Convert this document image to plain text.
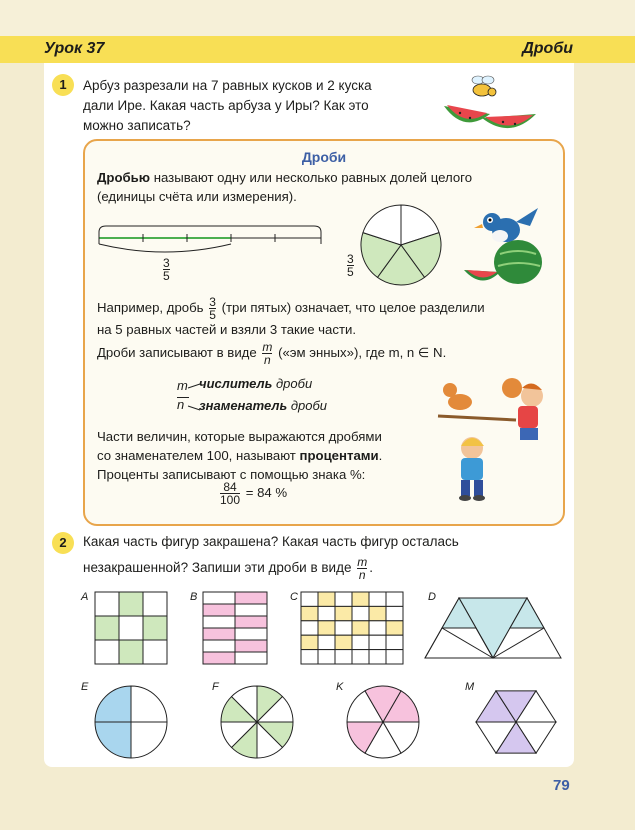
Урок 37	Дроби
1	Арбуз разрезали на 7 равных кусков и 2 куска
дали Ире. Какая часть арбуза у Иры? Как это
можно записать?
Дроби
Дробью называют одну или несколько равных долей целого
(единицы счёта или измерения).
$\frac{3}{5}$	$\frac{3}{5}$
Например, дробь $\frac{3}{5} (три$ пятых) означает, что целое разделили
на 5 равных частей и взяли 3 такие части.
Дроби записывают в виде $\frac{m}{n}$ («эм энных»), где m, n ∈ N.
m
n
числитель дроби
знаменатель дроби
Части величин, которые выражаются дробями
со знаменателем 100, называют процентами.
Проценты записывают с помощью знака %:
$\frac{84}{100} = 84$ %
2	Какая часть фигур закрашена? Какая часть фигур осталась
незакрашенной? Запиши эти дроби в виде $\frac{m}{n}$ .
A	B	C	D
E	F	K	M
79
